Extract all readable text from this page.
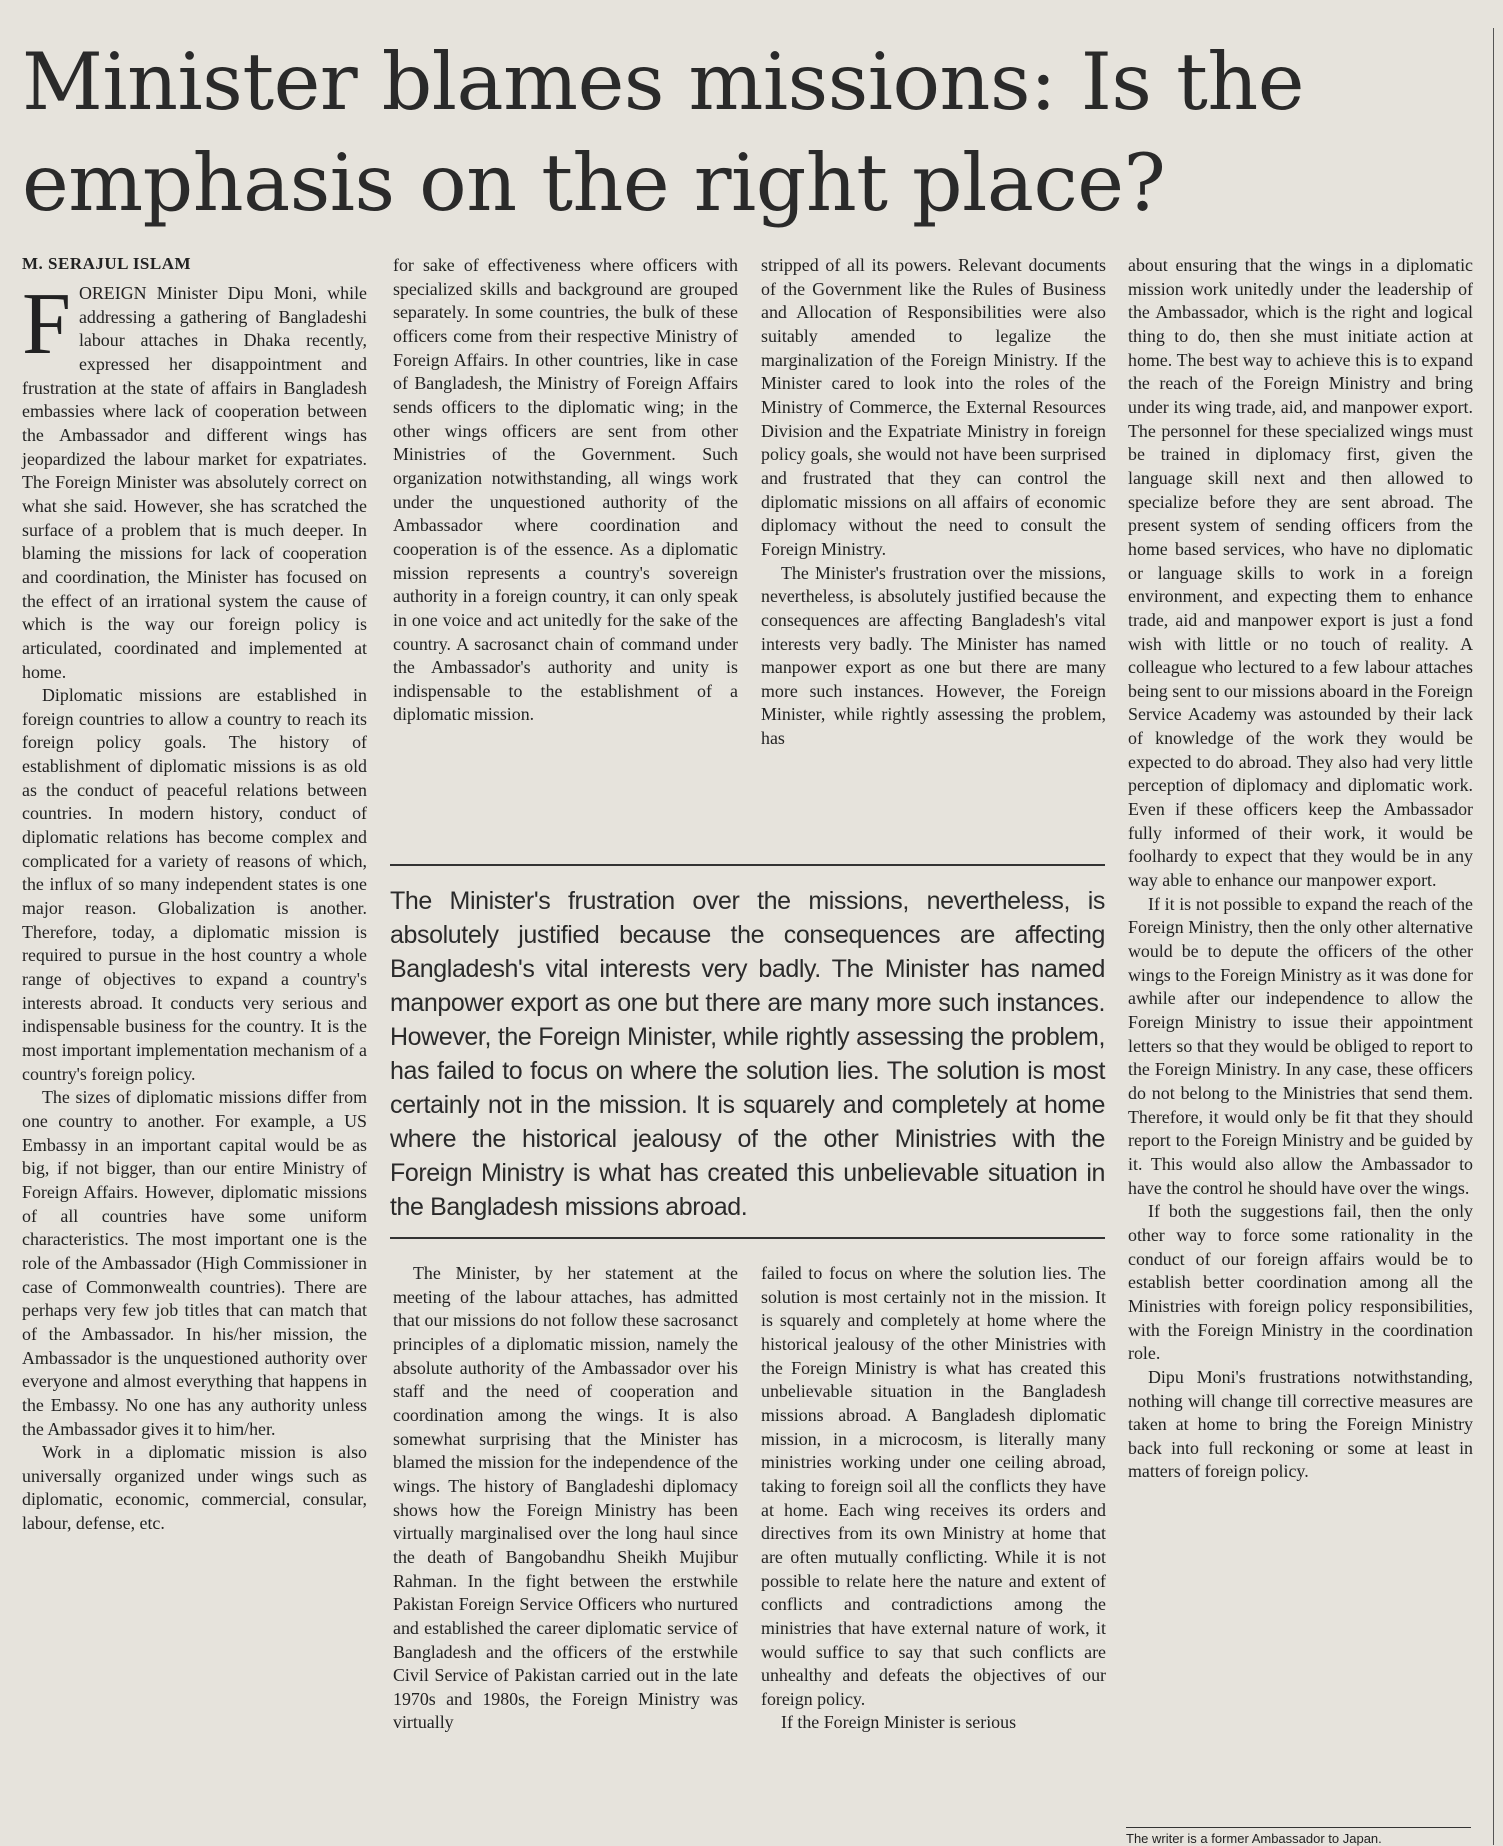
Minister blames missions: Is the emphasis on the right place?
M. SERAJUL ISLAM

FOREIGN Minister Dipu Moni, while addressing a gathering of Bangladeshi labour attaches in Dhaka recently, expressed her disappointment and frustration at the state of affairs in Bangladesh embassies where lack of cooperation between the Ambassador and different wings has jeopardized the labour market for expatriates. The Foreign Minister was absolutely correct on what she said. However, she has scratched the surface of a problem that is much deeper. In blaming the missions for lack of cooperation and coordination, the Minister has focused on the effect of an irrational system the cause of which is the way our foreign policy is articulated, coordinated and implemented at home.

Diplomatic missions are established in foreign countries to allow a country to reach its foreign policy goals. The history of establishment of diplomatic missions is as old as the conduct of peaceful relations between countries. In modern history, conduct of diplomatic relations has become complex and complicated for a variety of reasons of which, the influx of so many independent states is one major reason. Globalization is another. Therefore, today, a diplomatic mission is required to pursue in the host country a whole range of objectives to expand a country's interests abroad. It conducts very serious and indispensable business for the country. It is the most important implementation mechanism of a country's foreign policy.

The sizes of diplomatic missions differ from one country to another. For example, a US Embassy in an important capital would be as big, if not bigger, than our entire Ministry of Foreign Affairs. However, diplomatic missions of all countries have some uniform characteristics. The most important one is the role of the Ambassador (High Commissioner in case of Commonwealth countries). There are perhaps very few job titles that can match that of the Ambassador. In his/her mission, the Ambassador is the unquestioned authority over everyone and almost everything that happens in the Embassy. No one has any authority unless the Ambassador gives it to him/her.

Work in a diplomatic mission is also universally organized under wings such as diplomatic, economic, commercial, consular, labour, defense, etc.

for sake of effectiveness where officers with specialized skills and background are grouped separately. In some countries, the bulk of these officers come from their respective Ministry of Foreign Affairs. In other countries, like in case of Bangladesh, the Ministry of Foreign Affairs sends officers to the diplomatic wing; in the other wings officers are sent from other Ministries of the Government. Such organization notwithstanding, all wings work under the unquestioned authority of the Ambassador where coordination and cooperation is of the essence. As a diplomatic mission represents a country's sovereign authority in a foreign country, it can only speak in one voice and act unitedly for the sake of the country. A sacrosanct chain of command under the Ambassador's authority and unity is indispensable to the establishment of a diplomatic mission.

stripped of all its powers. Relevant documents of the Government like the Rules of Business and Allocation of Responsibilities were also suitably amended to legalize the marginalization of the Foreign Ministry. If the Minister cared to look into the roles of the Ministry of Commerce, the External Resources Division and the Expatriate Ministry in foreign policy goals, she would not have been surprised and frustrated that they can control the diplomatic missions on all affairs of economic diplomacy without the need to consult the Foreign Ministry.

The Minister's frustration over the missions, nevertheless, is absolutely justified because the consequences are affecting Bangladesh's vital interests very badly. The Minister has named manpower export as one but there are many more such instances. However, the Foreign Minister, while rightly assessing the problem, has

The Minister's frustration over the missions, nevertheless, is absolutely justified because the consequences are affecting Bangladesh's vital interests very badly. The Minister has named manpower export as one but there are many more such instances. However, the Foreign Minister, while rightly assessing the problem, has failed to focus on where the solution lies. The solution is most certainly not in the mission. It is squarely and completely at home where the historical jealousy of the other Ministries with the Foreign Ministry is what has created this unbelievable situation in the Bangladesh missions abroad.

The Minister, by her statement at the meeting of the labour attaches, has admitted that our missions do not follow these sacrosanct principles of a diplomatic mission, namely the absolute authority of the Ambassador over his staff and the need of cooperation and coordination among the wings. It is also somewhat surprising that the Minister has blamed the mission for the independence of the wings. The history of Bangladeshi diplomacy shows how the Foreign Ministry has been virtually marginalised over the long haul since the death of Bangobandhu Sheikh Mujibur Rahman. In the fight between the erstwhile Pakistan Foreign Service Officers who nurtured and established the career diplomatic service of Bangladesh and the officers of the erstwhile Civil Service of Pakistan carried out in the late 1970s and 1980s, the Foreign Ministry was virtually

failed to focus on where the solution lies. The solution is most certainly not in the mission. It is squarely and completely at home where the historical jealousy of the other Ministries with the Foreign Ministry is what has created this unbelievable situation in the Bangladesh missions abroad. A Bangladesh diplomatic mission, in a microcosm, is literally many ministries working under one ceiling abroad, taking to foreign soil all the conflicts they have at home. Each wing receives its orders and directives from its own Ministry at home that are often mutually conflicting. While it is not possible to relate here the nature and extent of conflicts and contradictions among the ministries that have external nature of work, it would suffice to say that such conflicts are unhealthy and defeats the objectives of our foreign policy.

If the Foreign Minister is serious

about ensuring that the wings in a diplomatic mission work unitedly under the leadership of the Ambassador, which is the right and logical thing to do, then she must initiate action at home. The best way to achieve this is to expand the reach of the Foreign Ministry and bring under its wing trade, aid, and manpower export. The personnel for these specialized wings must be trained in diplomacy first, given the language skill next and then allowed to specialize before they are sent abroad. The present system of sending officers from the home based services, who have no diplomatic or language skills to work in a foreign environment, and expecting them to enhance trade, aid and manpower export is just a fond wish with little or no touch of reality. A colleague who lectured to a few labour attaches being sent to our missions aboard in the Foreign Service Academy was astounded by their lack of knowledge of the work they would be expected to do abroad. They also had very little perception of diplomacy and diplomatic work. Even if these officers keep the Ambassador fully informed of their work, it would be foolhardy to expect that they would be in any way able to enhance our manpower export.

If it is not possible to expand the reach of the Foreign Ministry, then the only other alternative would be to depute the officers of the other wings to the Foreign Ministry as it was done for awhile after our independence to allow the Foreign Ministry to issue their appointment letters so that they would be obliged to report to the Foreign Ministry. In any case, these officers do not belong to the Ministries that send them. Therefore, it would only be fit that they should report to the Foreign Ministry and be guided by it. This would also allow the Ambassador to have the control he should have over the wings.

If both the suggestions fail, then the only other way to force some rationality in the conduct of our foreign affairs would be to establish better coordination among all the Ministries with foreign policy responsibilities, with the Foreign Ministry in the coordination role.

Dipu Moni's frustrations notwithstanding, nothing will change till corrective measures are taken at home to bring the Foreign Ministry back into full reckoning or some at least in matters of foreign policy.

The writer is a former Ambassador to Japan.
